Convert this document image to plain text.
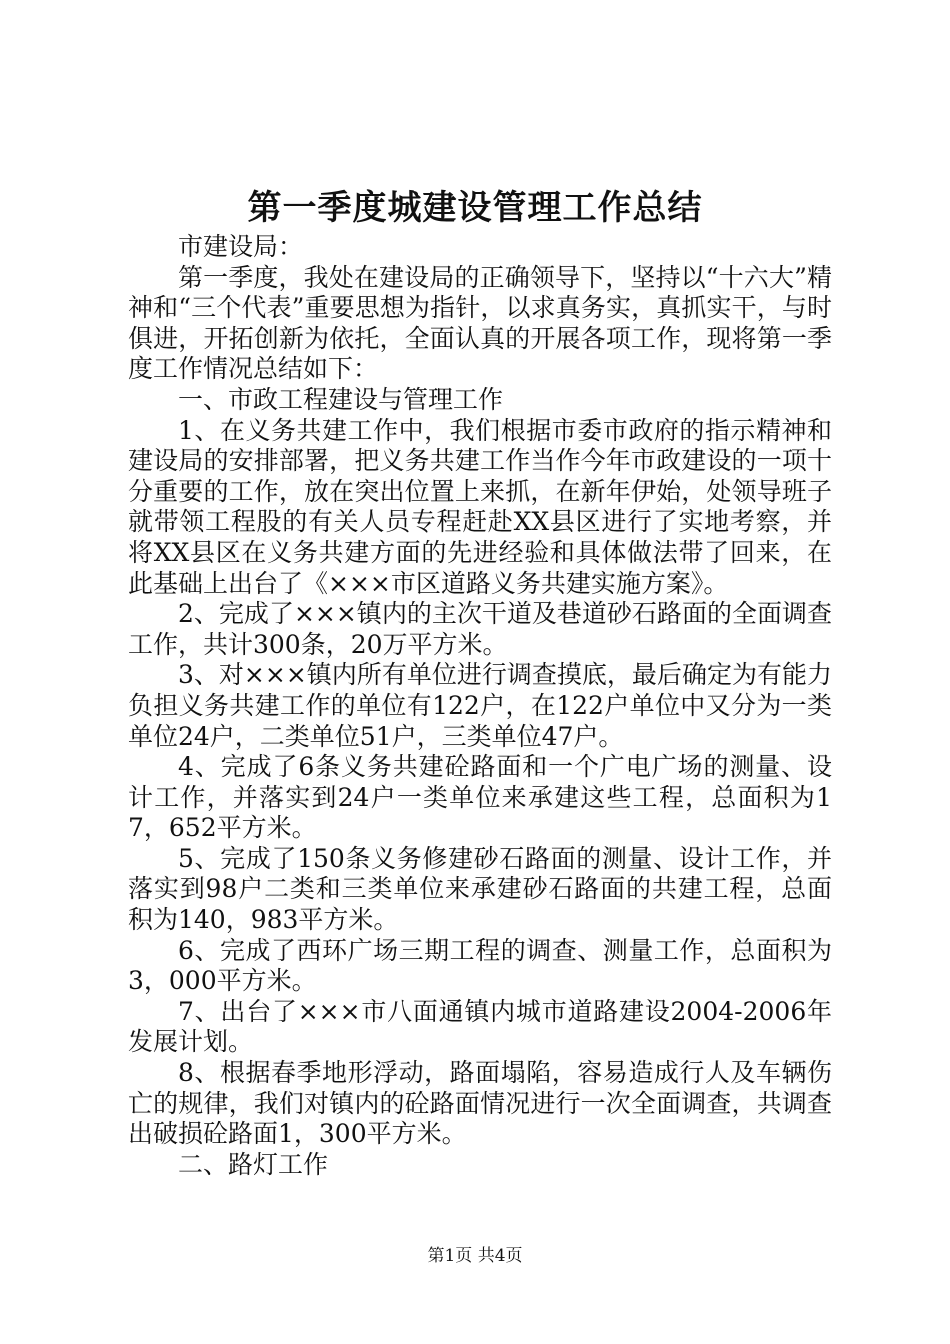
第一季度城建设管理工作总结

市建设局：

第一季度，我处在建设局的正确领导下，坚持以“十六大”精神和“三个代表”重要思想为指针，以求真务实，真抓实干，与时俱进，开拓创新为依托，全面认真的开展各项工作，现将第一季度工作情况总结如下：

一、市政工程建设与管理工作

1、在义务共建工作中，我们根据市委市政府的指示精神和建设局的安排部署，把义务共建工作当作今年市政建设的一项十分重要的工作，放在突出位置上来抓，在新年伊始，处领导班子就带领工程股的有关人员专程赶赴XX县区进行了实地考察，并将XX县区在义务共建方面的先进经验和具体做法带了回来，在此基础上出台了《×××市区道路义务共建实施方案》。

2、完成了×××镇内的主次干道及巷道砂石路面的全面调查工作，共计300条，20万平方米。

3、对×××镇内所有单位进行调查摸底，最后确定为有能力负担义务共建工作的单位有122户，在122户单位中又分为一类单位24户，二类单位51户，三类单位47户。

4、完成了6条义务共建砼路面和一个广电广场的测量、设计工作，并落实到24户一类单位来承建这些工程，总面积为17，652平方米。

5、完成了150条义务修建砂石路面的测量、设计工作，并落实到98户二类和三类单位来承建砂石路面的共建工程，总面积为140，983平方米。

6、完成了西环广场三期工程的调查、测量工作，总面积为3，000平方米。

7、出台了×××市八面通镇内城市道路建设2004-2006年发展计划。

8、根据春季地形浮动，路面塌陷，容易造成行人及车辆伤亡的规律，我们对镇内的砼路面情况进行一次全面调查，共调查出破损砼路面1，300平方米。

二、路灯工作

第1页 共4页
